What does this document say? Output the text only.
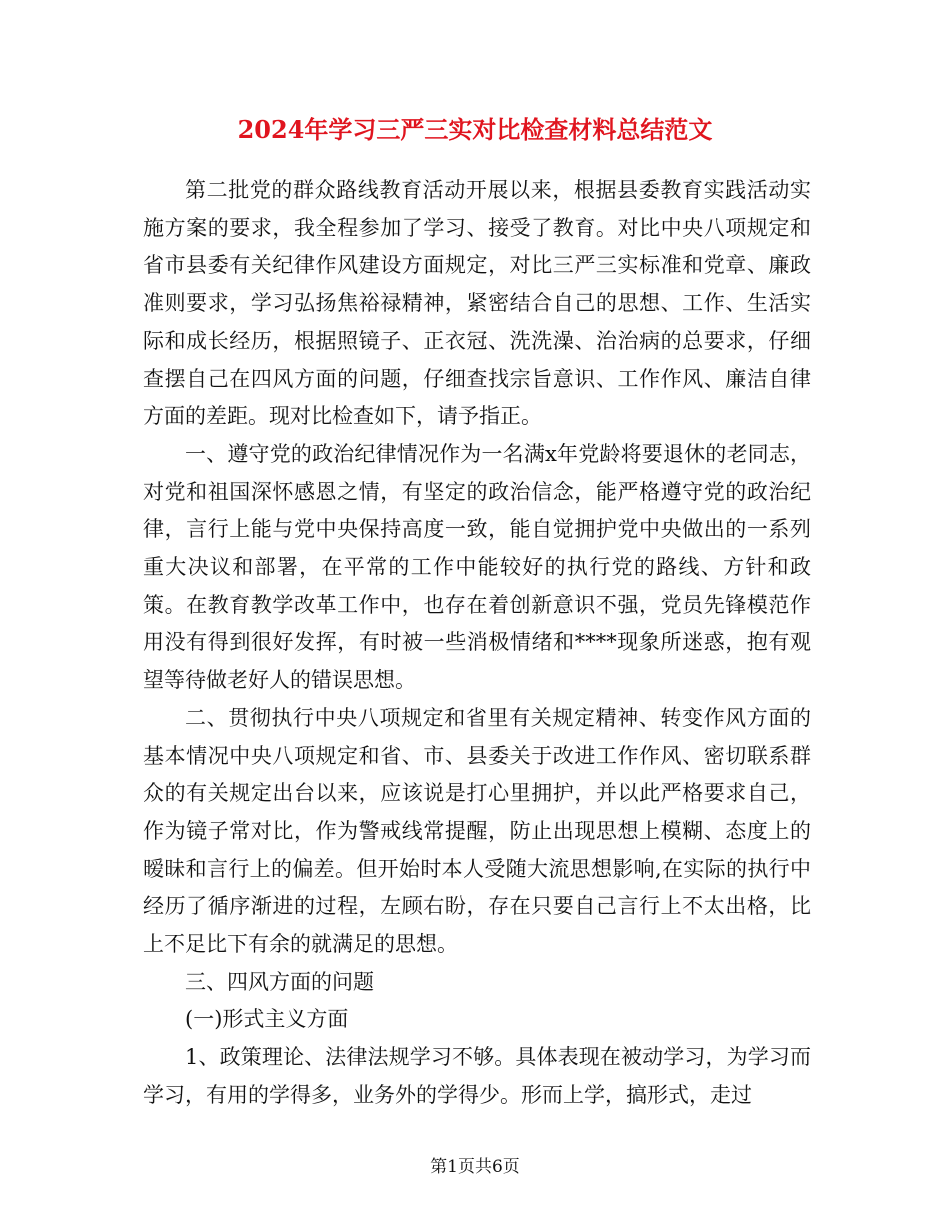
2024年学习三严三实对比检查材料总结范文

第二批党的群众路线教育活动开展以来，根据县委教育实践活动实施方案的要求，我全程参加了学习、接受了教育。对比中央八项规定和省市县委有关纪律作风建设方面规定，对比三严三实标准和党章、廉政准则要求，学习弘扬焦裕禄精神，紧密结合自己的思想、工作、生活实际和成长经历，根据照镜子、正衣冠、洗洗澡、治治病的总要求，仔细查摆自己在四风方面的问题，仔细查找宗旨意识、工作作风、廉洁自律方面的差距。现对比检查如下，请予指正。

一、遵守党的政治纪律情况作为一名满x年党龄将要退休的老同志，对党和祖国深怀感恩之情，有坚定的政治信念，能严格遵守党的政治纪律，言行上能与党中央保持高度一致，能自觉拥护党中央做出的一系列重大决议和部署，在平常的工作中能较好的执行党的路线、方针和政策。在教育教学改革工作中，也存在着创新意识不强，党员先锋模范作用没有得到很好发挥，有时被一些消极情绪和****现象所迷惑，抱有观望等待做老好人的错误思想。

二、贯彻执行中央八项规定和省里有关规定精神、转变作风方面的基本情况中央八项规定和省、市、县委关于改进工作作风、密切联系群众的有关规定出台以来，应该说是打心里拥护，并以此严格要求自己，作为镜子常对比，作为警戒线常提醒，防止出现思想上模糊、态度上的暧昧和言行上的偏差。但开始时本人受随大流思想影响,在实际的执行中经历了循序渐进的过程，左顾右盼，存在只要自己言行上不太出格，比上不足比下有余的就满足的思想。

三、四风方面的问题

(一)形式主义方面

1、政策理论、法律法规学习不够。具体表现在被动学习，为学习而学习，有用的学得多，业务外的学得少。形而上学，搞形式，走过

第1页共6页
